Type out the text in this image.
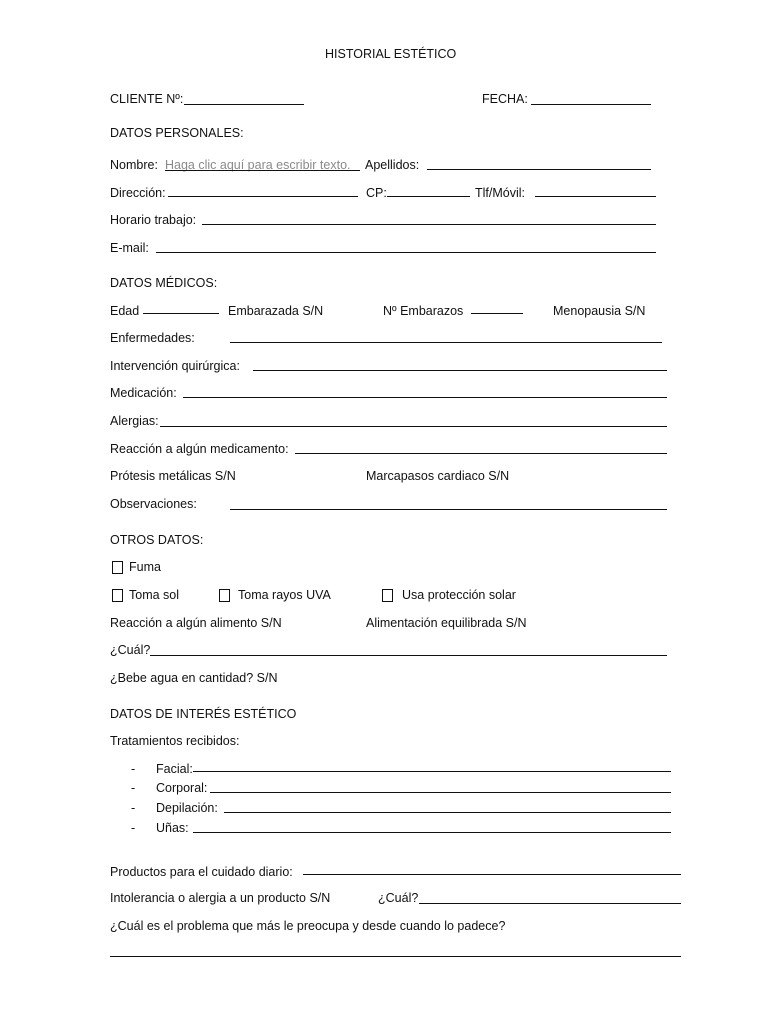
HISTORIAL ESTÉTICO
CLIENTE Nº:	FECHA:
DATOS PERSONALES:
Nombre: Haga clic aquí para escribir texto. Apellidos:
Dirección:	CP:	Tlf/Móvil:
Horario trabajo:
E-mail:
DATOS MÉDICOS:
Edad	Embarazada S/N	Nº Embarazos	Menopausia S/N
Enfermedades:
Intervención quirúrgica:
Medicación:
Alergias:
Reacción a algún medicamento:
Prótesis metálicas S/N	Marcapasos cardiaco S/N
Observaciones:
OTROS DATOS:
Fuma
Toma sol	Toma rayos UVA	Usa protección solar
Reacción a algún alimento S/N	Alimentación equilibrada S/N
¿Cuál?
¿Bebe agua en cantidad? S/N
DATOS DE INTERÉS ESTÉTICO
Tratamientos recibidos:
- Facial:
- Corporal:
- Depilación:
- Uñas:
Productos para el cuidado diario:
Intolerancia o alergia a un producto S/N	¿Cuál?
¿Cuál es el problema que más le preocupa y desde cuando lo padece?
